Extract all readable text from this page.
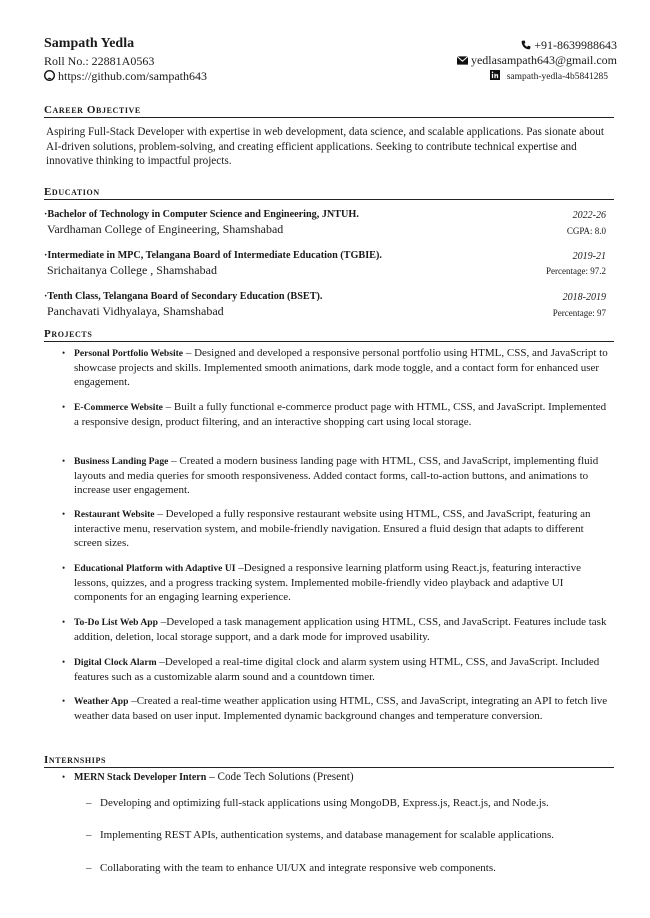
Sampath Yedla
Roll No.: 22881A0563
https://github.com/sampath643
+91-8639988643
yedlasampath643@gmail.com
sampath-yedla-4b5841285
Career Objective
Aspiring Full-Stack Developer with expertise in web development, data science, and scalable applications. Pas sionate about AI-driven solutions, problem-solving, and creating efficient applications. Seeking to contribute technical expertise and innovative thinking to impactful projects.
Education
·Bachelor of Technology in Computer Science and Engineering, JNTUH.	2022-26
Vardhaman College of Engineering, Shamshabad	CGPA: 8.0
·Intermediate in MPC, Telangana Board of Intermediate Education (TGBIE).	2019-21
Srichaitanya College , Shamshabad	Percentage: 97.2
·Tenth Class, Telangana Board of Secondary Education (BSET).	2018-2019
Panchavati Vidhyalaya, Shamshabad	Percentage: 97
Projects
• Personal Portfolio Website – Designed and developed a responsive personal portfolio using HTML, CSS, and JavaScript to showcase projects and skills. Implemented smooth animations, dark mode toggle, and a contact form for enhanced user engagement.
• E-Commerce Website – Built a fully functional e-commerce product page with HTML, CSS, and JavaScript. Implemented a responsive design, product filtering, and an interactive shopping cart using local storage.
• Business Landing Page – Created a modern business landing page with HTML, CSS, and JavaScript, implementing fluid layouts and media queries for smooth responsiveness. Added contact forms, call-to-action buttons, and animations to increase user engagement.
• Restaurant Website – Developed a fully responsive restaurant website using HTML, CSS, and JavaScript, featuring an interactive menu, reservation system, and mobile-friendly navigation. Ensured a fluid design that adapts to different screen sizes.
• Educational Platform with Adaptive UI –Designed a responsive learning platform using React.js, featuring interactive lessons, quizzes, and a progress tracking system. Implemented mobile-friendly video playback and adaptive UI components for an engaging learning experience.
• To-Do List Web App –Developed a task management application using HTML, CSS, and JavaScript. Features include task addition, deletion, local storage support, and a dark mode for improved usability.
• Digital Clock Alarm –Developed a real-time digital clock and alarm system using HTML, CSS, and JavaScript. Included features such as a customizable alarm sound and a countdown timer.
• Weather App –Created a real-time weather application using HTML, CSS, and JavaScript, integrating an API to fetch live weather data based on user input. Implemented dynamic background changes and temperature conversion.
Internships
• MERN Stack Developer Intern – Code Tech Solutions (Present)
– Developing and optimizing full-stack applications using MongoDB, Express.js, React.js, and Node.js.
– Implementing REST APIs, authentication systems, and database management for scalable applications.
– Collaborating with the team to enhance UI/UX and integrate responsive web components.
